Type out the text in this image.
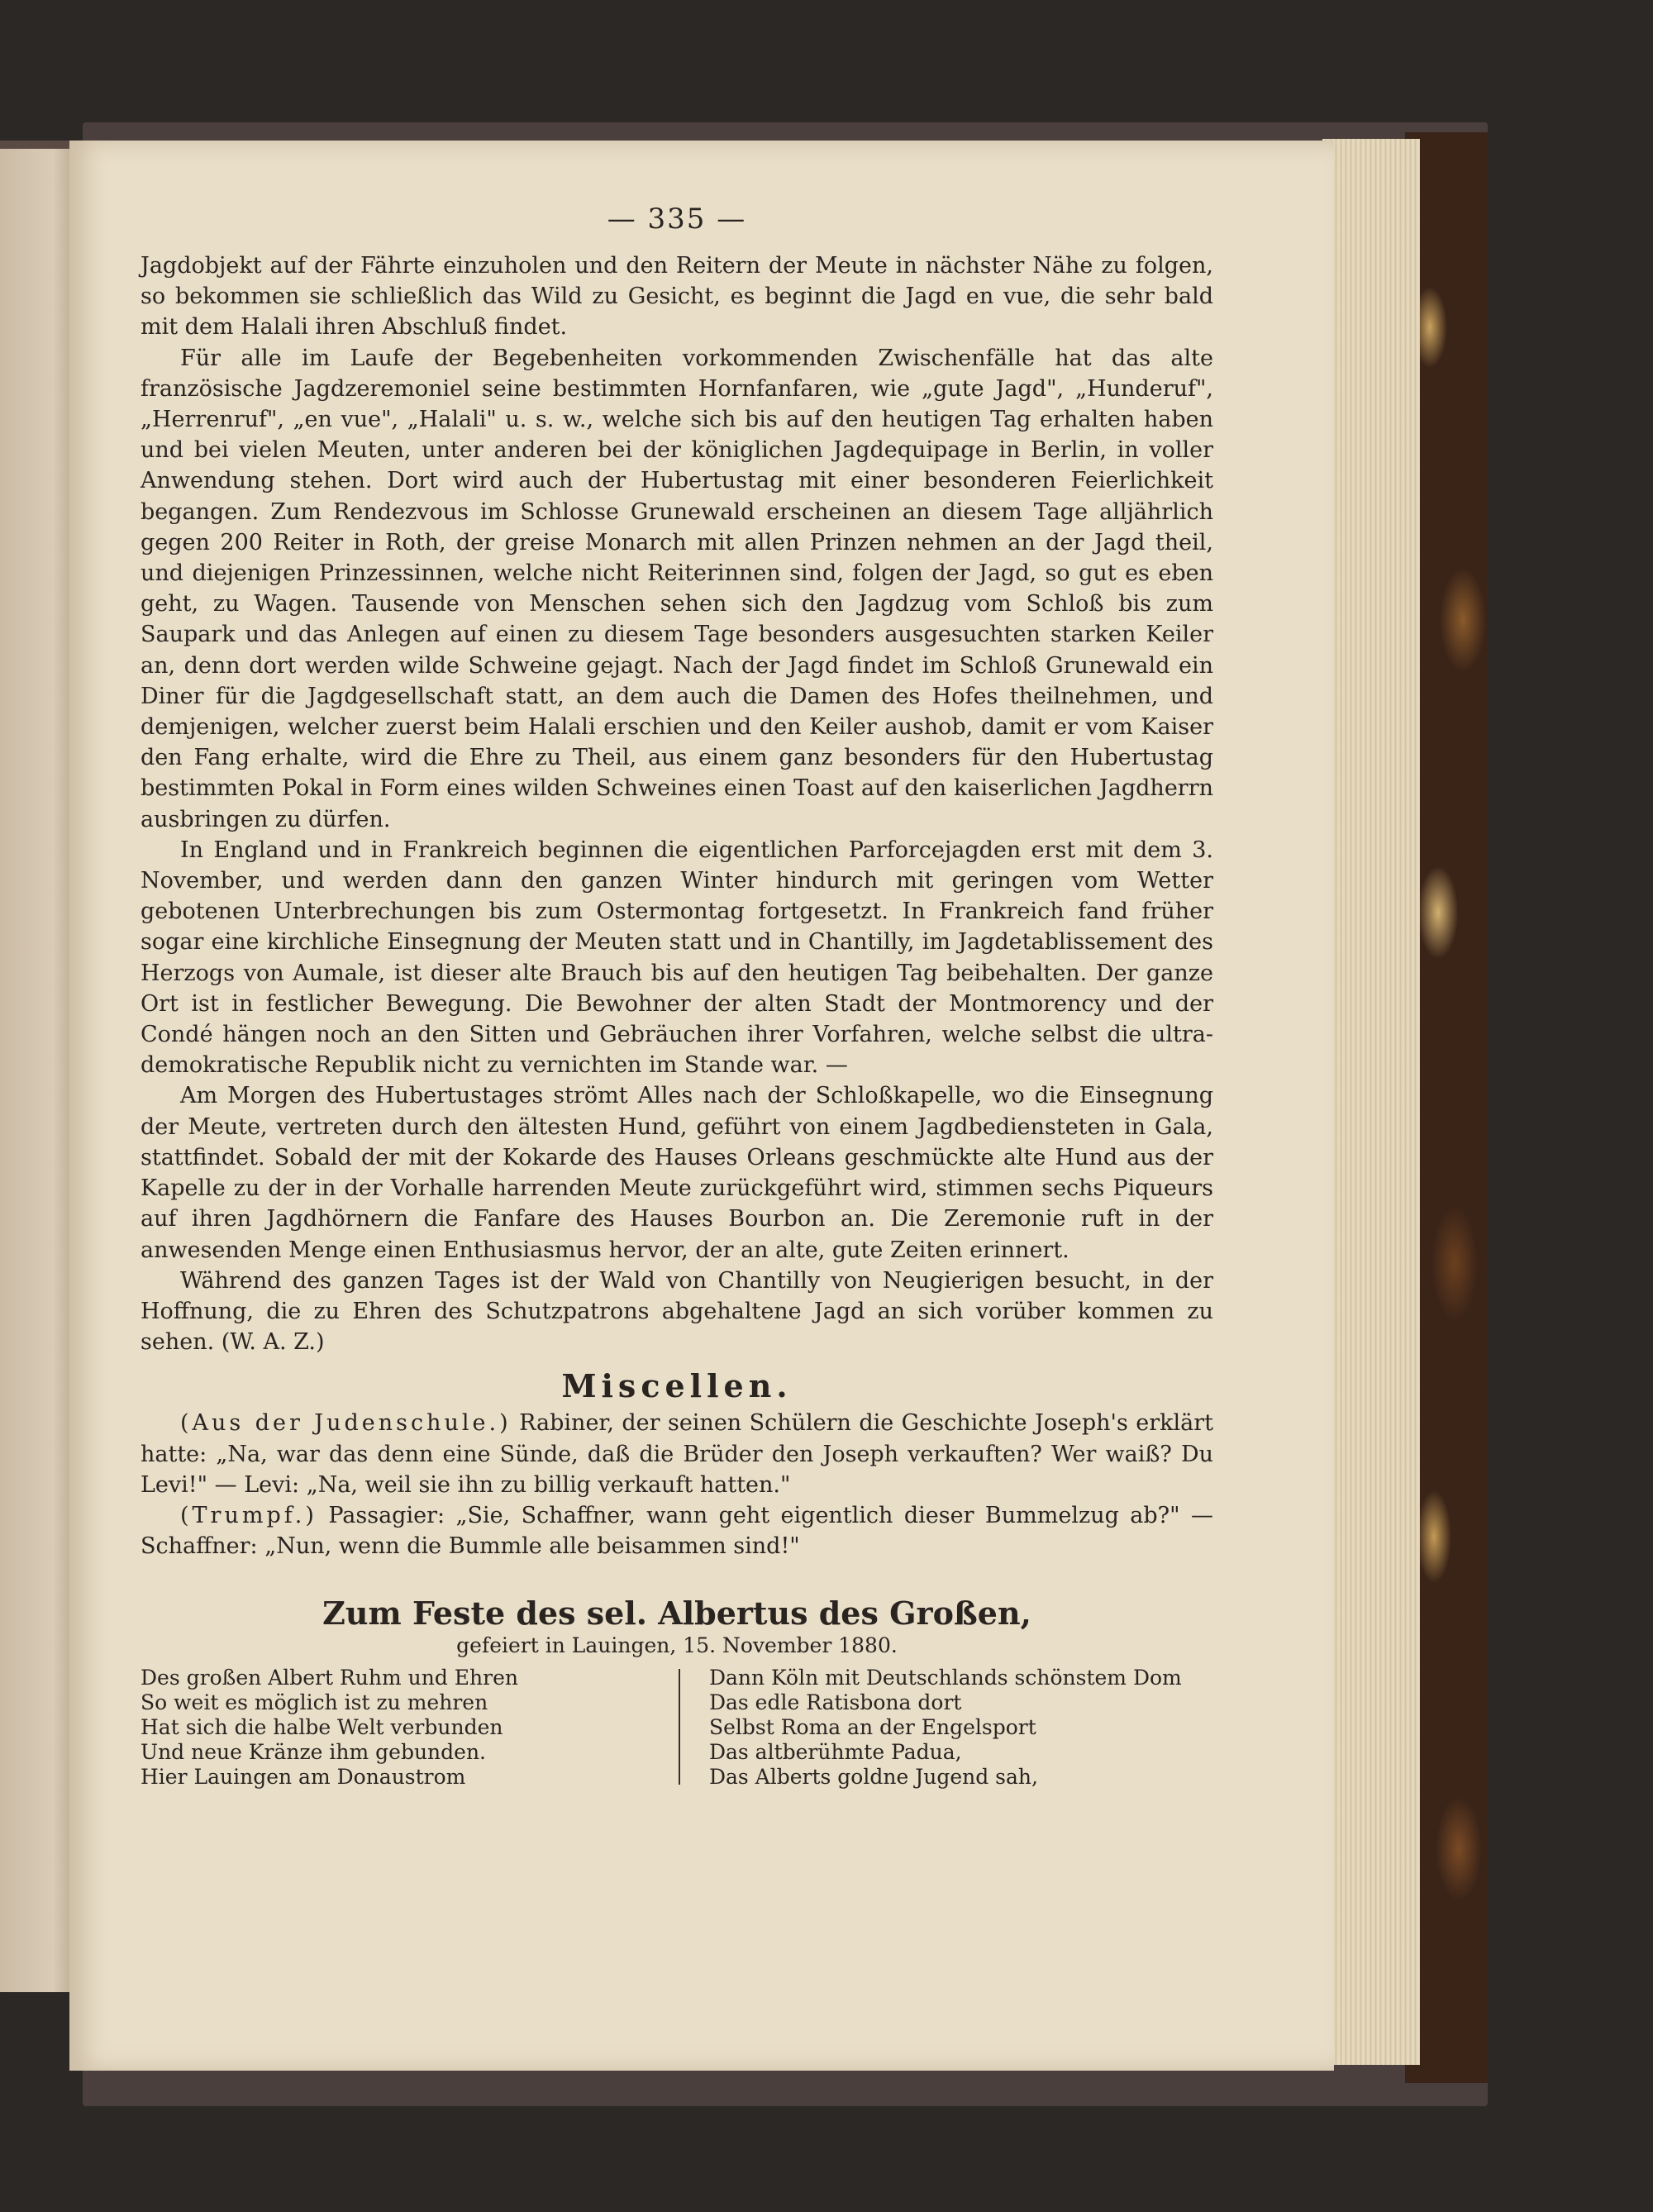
— 335 —

Jagdobjekt auf der Fährte einzuholen und den Reitern der Meute in nächster Nähe zu folgen, so bekommen sie schließlich das Wild zu Gesicht, es beginnt die Jagd en vue, die sehr bald mit dem Halali ihren Abschluß findet.

Für alle im Laufe der Begebenheiten vorkommenden Zwischenfälle hat das alte französische Jagdzeremoniel seine bestimmten Hornfanfaren, wie „gute Jagd", „Hunderuf", „Herrenruf", „en vue", „Halali" u. s. w., welche sich bis auf den heutigen Tag erhalten haben und bei vielen Meuten, unter anderen bei der königlichen Jagdequipage in Berlin, in voller Anwendung stehen. Dort wird auch der Hubertustag mit einer besonderen Feierlichkeit begangen. Zum Rendezvous im Schlosse Grunewald erscheinen an diesem Tage alljährlich gegen 200 Reiter in Roth, der greise Monarch mit allen Prinzen nehmen an der Jagd theil, und diejenigen Prinzessinnen, welche nicht Reiterinnen sind, folgen der Jagd, so gut es eben geht, zu Wagen. Tausende von Menschen sehen sich den Jagdzug vom Schloß bis zum Saupark und das Anlegen auf einen zu diesem Tage besonders ausgesuchten starken Keiler an, denn dort werden wilde Schweine gejagt. Nach der Jagd findet im Schloß Grunewald ein Diner für die Jagdgesellschaft statt, an dem auch die Damen des Hofes theilnehmen, und demjenigen, welcher zuerst beim Halali erschien und den Keiler aushob, damit er vom Kaiser den Fang erhalte, wird die Ehre zu Theil, aus einem ganz besonders für den Hubertustag bestimmten Pokal in Form eines wilden Schweines einen Toast auf den kaiserlichen Jagdherrn ausbringen zu dürfen.

In England und in Frankreich beginnen die eigentlichen Parforcejagden erst mit dem 3. November, und werden dann den ganzen Winter hindurch mit geringen vom Wetter gebotenen Unterbrechungen bis zum Ostermontag fortgesetzt. In Frankreich fand früher sogar eine kirchliche Einsegnung der Meuten statt und in Chantilly, im Jagdetablissement des Herzogs von Aumale, ist dieser alte Brauch bis auf den heutigen Tag beibehalten. Der ganze Ort ist in festlicher Bewegung. Die Bewohner der alten Stadt der Montmorency und der Condé hängen noch an den Sitten und Gebräuchen ihrer Vorfahren, welche selbst die ultra-demokratische Republik nicht zu vernichten im Stande war. —

Am Morgen des Hubertustages strömt Alles nach der Schloßkapelle, wo die Einsegnung der Meute, vertreten durch den ältesten Hund, geführt von einem Jagdbediensteten in Gala, stattfindet. Sobald der mit der Kokarde des Hauses Orleans geschmückte alte Hund aus der Kapelle zu der in der Vorhalle harrenden Meute zurückgeführt wird, stimmen sechs Piqueurs auf ihren Jagdhörnern die Fanfare des Hauses Bourbon an. Die Zeremonie ruft in der anwesenden Menge einen Enthusiasmus hervor, der an alte, gute Zeiten erinnert.

Während des ganzen Tages ist der Wald von Chantilly von Neugierigen besucht, in der Hoffnung, die zu Ehren des Schutzpatrons abgehaltene Jagd an sich vorüber kommen zu sehen. (W. A. Z.)

Miscellen.

(Aus der Judenschule.) Rabiner, der seinen Schülern die Geschichte Joseph's erklärt hatte: „Na, war das denn eine Sünde, daß die Brüder den Joseph verkauften? Wer waiß? Du Levi!" — Levi: „Na, weil sie ihn zu billig verkauft hatten."

(Trumpf.) Passagier: „Sie, Schaffner, wann geht eigentlich dieser Bummelzug ab?" — Schaffner: „Nun, wenn die Bummle alle beisammen sind!"

Zum Feste des sel. Albertus des Großen,
gefeiert in Lauingen, 15. November 1880.
Des großen Albert Ruhm und Ehren
So weit es möglich ist zu mehren
Hat sich die halbe Welt verbunden
Und neue Kränze ihm gebunden.
Hier Lauingen am Donaustrom
Dann Köln mit Deutschlands schönstem Dom
Das edle Ratisbona dort
Selbst Roma an der Engelsport
Das altberühmte Padua,
Das Alberts goldne Jugend sah,
